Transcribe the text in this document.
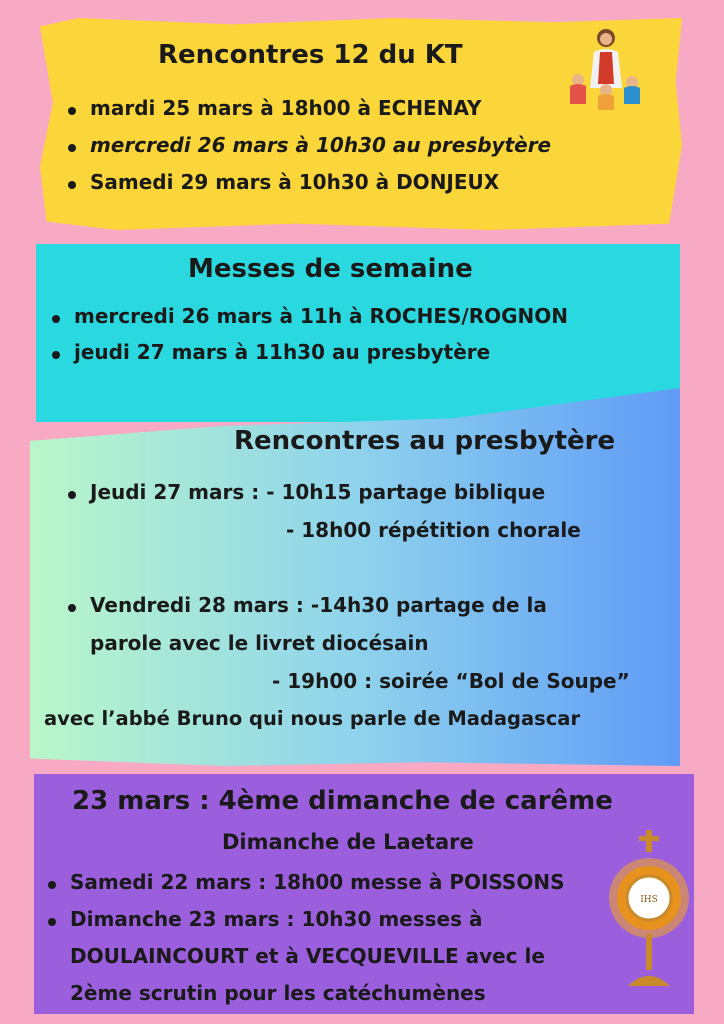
Rencontres 12 du KT
mardi 25 mars à 18h00 à ECHENAY
mercredi 26 mars à 10h30 au presbytère
Samedi 29 mars à 10h30 à DONJEUX
Messes de semaine
mercredi 26 mars à 11h à ROCHES/ROGNON
jeudi 27 mars à 11h30 au presbytère
Rencontres au presbytère
Jeudi 27 mars : - 10h15 partage biblique
- 18h00 répétition chorale
Vendredi 28 mars : -14h30 partage de la
parole avec le livret diocésain
- 19h00 : soirée “Bol de Soupe”
avec l’abbé Bruno qui nous parle de Madagascar
23 mars : 4ème dimanche de carême
Dimanche de Laetare
Samedi 22 mars : 18h00 messe à POISSONS
Dimanche 23 mars : 10h30 messes à
DOULAINCOURT et à VECQUEVILLE avec le
2ème scrutin pour les catéchumènes
IHS
